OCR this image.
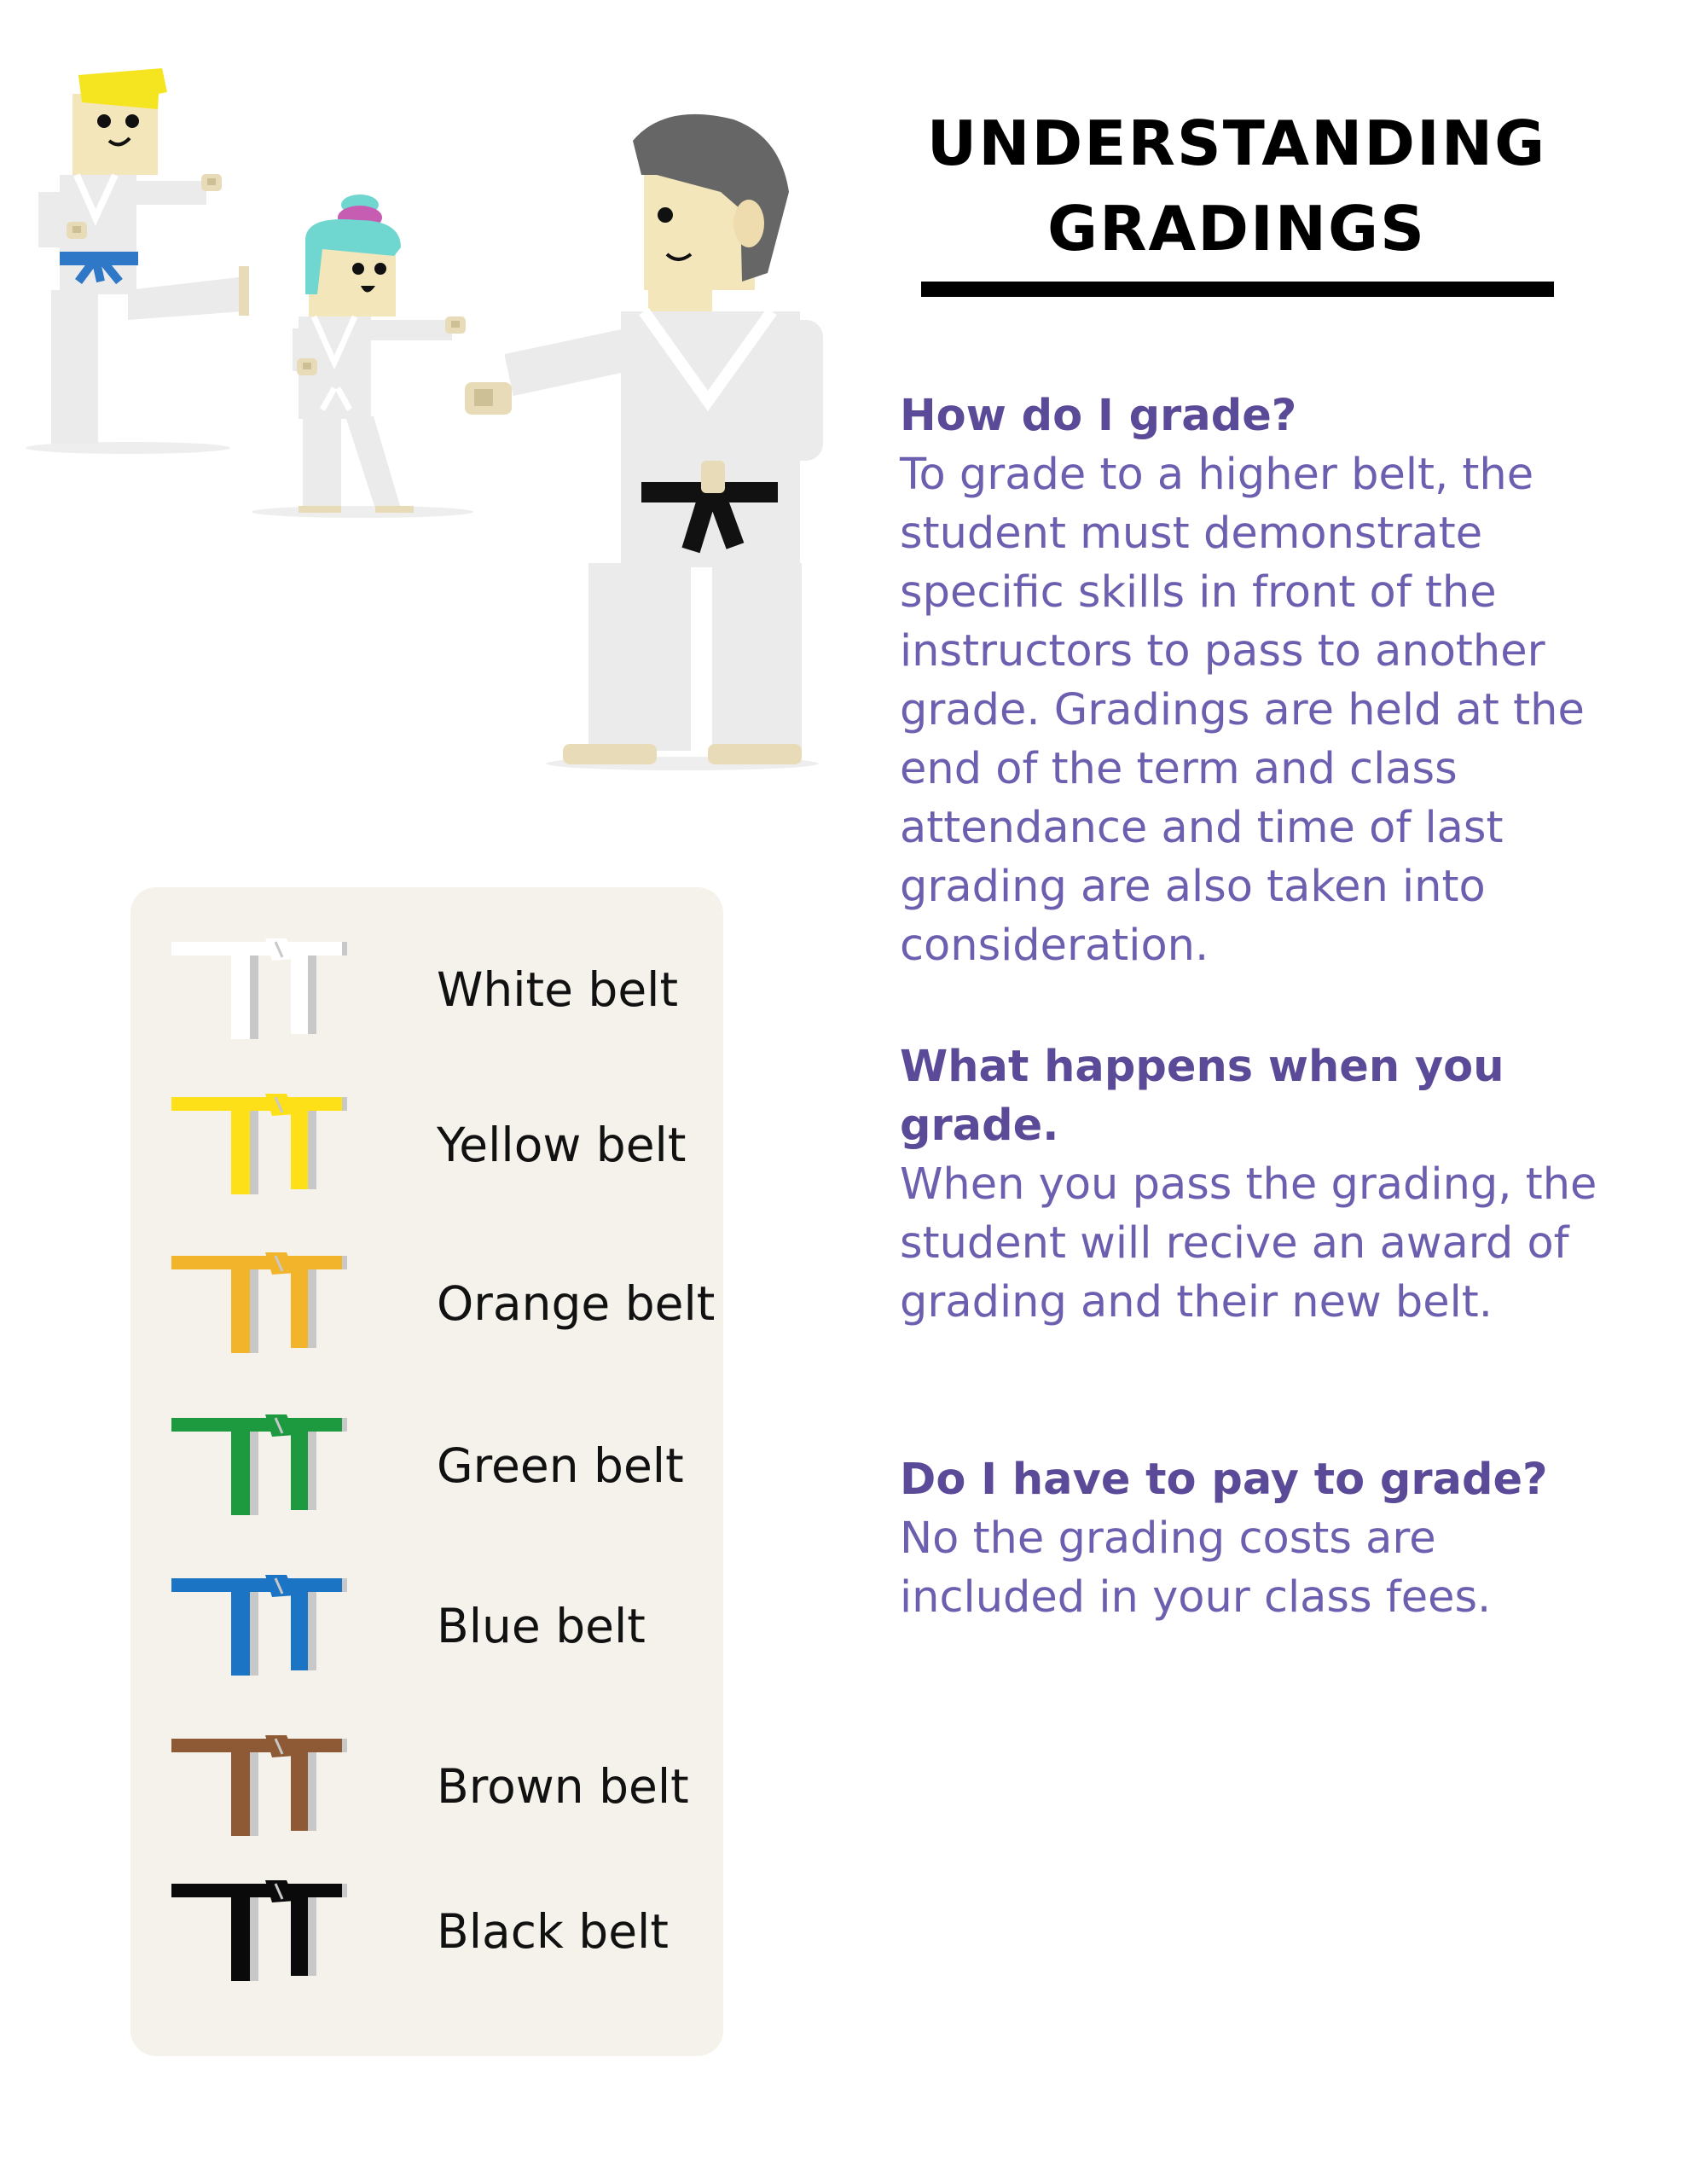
UNDERSTANDING
GRADINGS
How do I grade?

To grade to a higher belt, the student must demonstrate specific skills in front of the instructors to pass to another grade. Gradings are held at the end of the term and class attendance and time of last grading are also taken into consideration.

What happens when you grade.

When you pass the grading, the student will recive an award of grading and their new belt.

Do I have to pay to grade?

No the grading costs are included in your class fees.

White belt
Yellow belt
Orange belt
Green belt
Blue belt
Brown belt
Black belt
